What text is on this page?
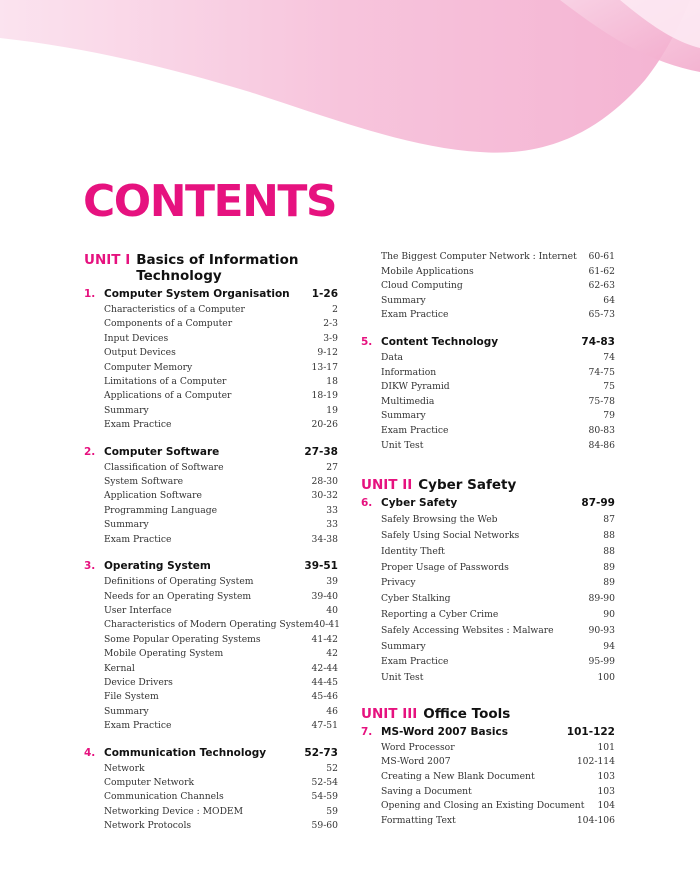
CONTENTS
UNIT I Basics of Information Technology
1. Computer System Organisation	1-26
Characteristics of a Computer	2
Components of a Computer	2-3
Input Devices	3-9
Output Devices	9-12
Computer Memory	13-17
Limitations of a Computer	18
Applications of a Computer	18-19
Summary	19
Exam Practice	20-26
2. Computer Software	27-38
Classification of Software	27
System Software	28-30
Application Software	30-32
Programming Language	33
Summary	33
Exam Practice	34-38
3. Operating System	39-51
Definitions of Operating System	39
Needs for an Operating System	39-40
User Interface	40
Characteristics of Modern Operating System 40-41
Some Popular Operating Systems	41-42
Mobile Operating System	42
Kernal	42-44
Device Drivers	44-45
File System	45-46
Summary	46
Exam Practice	47-51
4. Communication Technology	52-73
Network	52
Computer Network	52-54
Communication Channels	54-59
Networking Device : MODEM	59
Network Protocols	59-60
The Biggest Computer Network : Internet	60-61
Mobile Applications	61-62
Cloud Computing	62-63
Summary	64
Exam Practice	65-73
5. Content Technology	74-83
Data	74
Information	74-75
DIKW Pyramid	75
Multimedia	75-78
Summary	79
Exam Practice	80-83
Unit Test	84-86
UNIT II Cyber Safety
6. Cyber Safety	87-99
Safely Browsing the Web	87
Safely Using Social Networks	88
Identity Theft	88
Proper Usage of Passwords	89
Privacy	89
Cyber Stalking	89-90
Reporting a Cyber Crime	90
Safely Accessing Websites : Malware	90-93
Summary	94
Exam Practice	95-99
Unit Test	100
UNIT III Office Tools
7. MS-Word 2007 Basics	101-122
Word Processor	101
MS-Word 2007	102-114
Creating a New Blank Document	103
Saving a Document	103
Opening and Closing an Existing Document	104
Formatting Text	104-106
